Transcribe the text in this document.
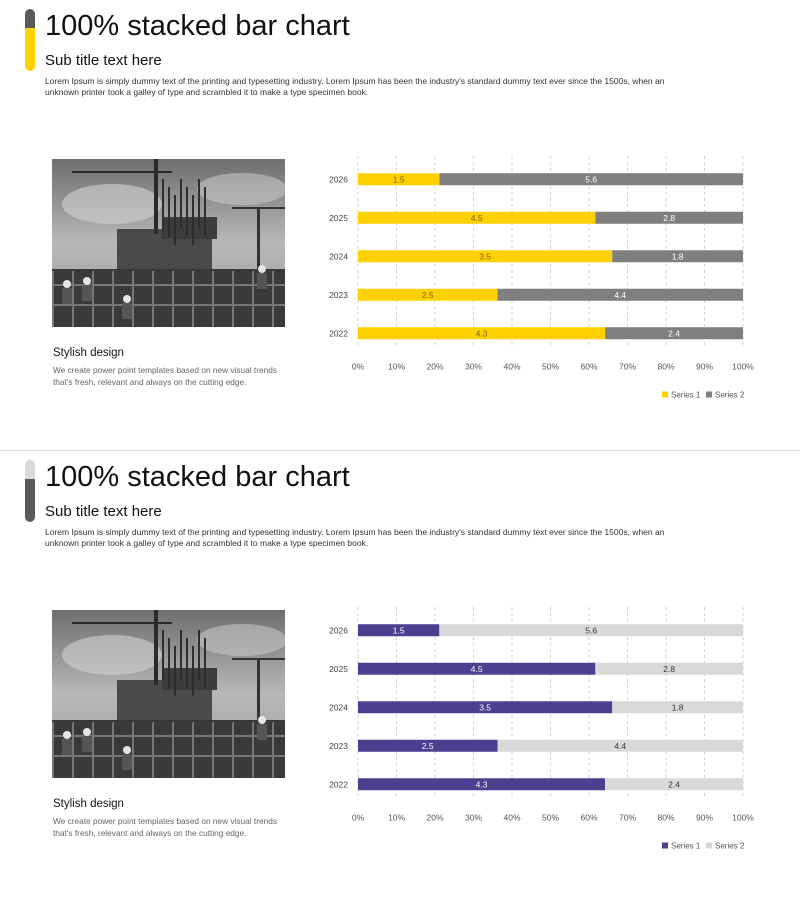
100% stacked bar chart
Sub title text here

Lorem Ipsum is simply dummy text of the printing and typesetting industry. Lorem Ipsum has been the industry's standard dummy text ever since the 1500s, when an unknown printer took a galley of type and scrambled it to make a type specimen book.

Stylish design

We create power point templates based on new visual trends that's fresh, relevant and always on the cutting edge.

0%	10%	20%	30%	40%	50%	60%	70%	80%	90% 100%
2026	1.5	5.6
2025	4.5	2.8
2024	3.5	1.8
2023	2.5	4.4
2022	4.3	2.4
Series 1 Series 2
100% stacked bar chart
Sub title text here

Lorem Ipsum is simply dummy text of the printing and typesetting industry. Lorem Ipsum has been the industry's standard dummy text ever since the 1500s, when an unknown printer took a galley of type and scrambled it to make a type specimen book.

Stylish design

We create power point templates based on new visual trends that's fresh, relevant and always on the cutting edge.

0%	10%	20%	30%	40%	50%	60%	70%	80%	90% 100%
2026	1.5	5.6
2025	4.5	2.8
2024	3.5	1.8
2023	2.5	4.4
2022	4.3	2.4
Series 1 Series 2
